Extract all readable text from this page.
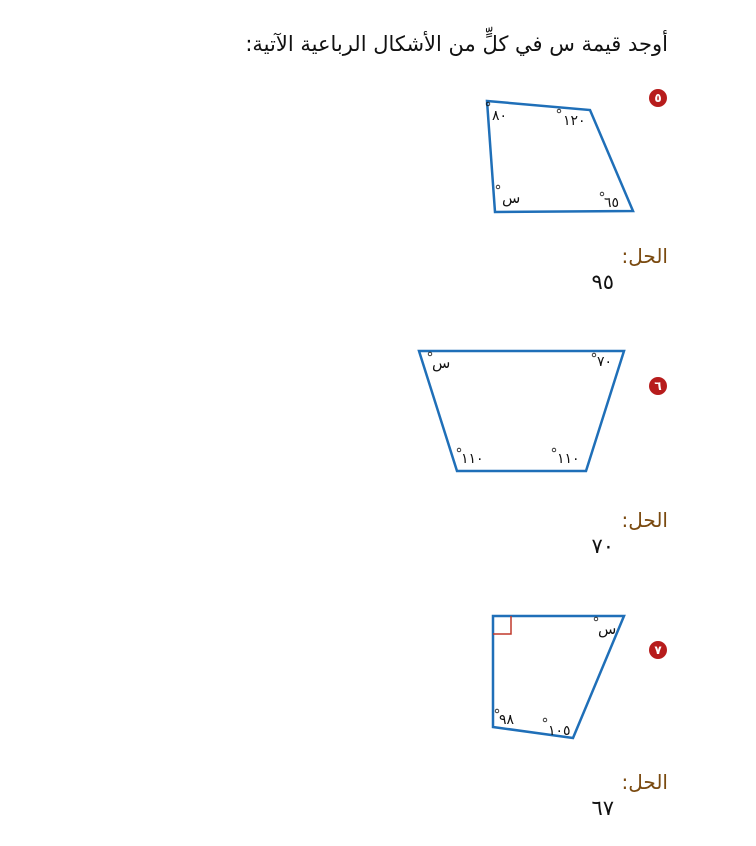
أوجد قيمة س في كلٍّ من الأشكال الرباعية الآتية:
٥
٨٠	١٢٠
٦٥
س
الحل:
٩٥
٦
٧٠
س
١١٠
١١٠
الحل:
٧٠
٧
س
١٠٥
٩٨
الحل:
٦٧
